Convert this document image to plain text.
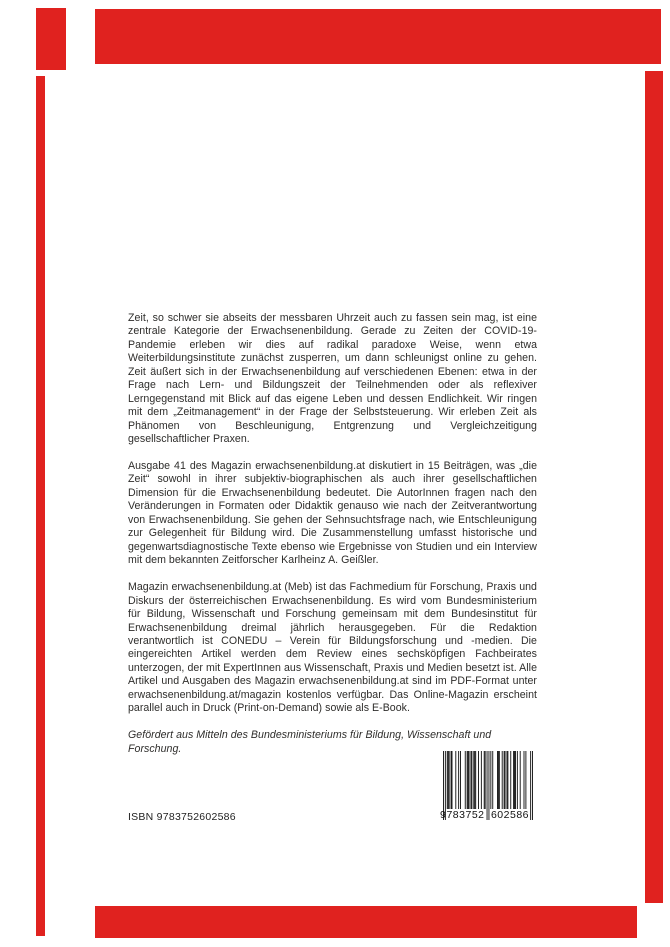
Zeit, so schwer sie abseits der messbaren Uhrzeit auch zu fassen sein mag, ist eine zentrale Kategorie der Erwachsenenbildung. Gerade zu Zeiten der COVID-19-Pandemie erleben wir dies auf radikal paradoxe Weise, wenn etwa Weiterbildungsinstitute zunächst zusperren, um dann schleunigst online zu gehen. Zeit äußert sich in der Erwachsenenbildung auf verschiedenen Ebenen: etwa in der Frage nach Lern- und Bildungszeit der Teilnehmenden oder als reflexiver Lerngegenstand mit Blick auf das eigene Leben und dessen Endlichkeit. Wir ringen mit dem „Zeitmanagement“ in der Frage der Selbststeuerung. Wir erleben Zeit als Phänomen von Beschleunigung, Entgrenzung und Vergleichzeitigung gesellschaftlicher Praxen.

Ausgabe 41 des Magazin erwachsenenbildung.at diskutiert in 15 Beiträgen, was „die Zeit“ sowohl in ihrer subjektiv-biographischen als auch ihrer gesellschaftlichen Dimension für die Erwachsenenbildung bedeutet. Die AutorInnen fragen nach den Veränderungen in Formaten oder Didaktik genauso wie nach der Zeitverantwortung von Erwachsenenbildung. Sie gehen der Sehnsuchtsfrage nach, wie Entschleunigung zur Gelegenheit für Bildung wird. Die Zusammenstellung umfasst historische und gegenwartsdiagnostische Texte ebenso wie Ergebnisse von Studien und ein Interview mit dem bekannten Zeitforscher Karlheinz A. Geißler.

Magazin erwachsenenbildung.at (Meb) ist das Fachmedium für Forschung, Praxis und Diskurs der österreichischen Erwachsenenbildung. Es wird vom Bundesministerium für Bildung, Wissenschaft und Forschung gemeinsam mit dem Bundesinstitut für Erwachsenenbildung dreimal jährlich herausgegeben. Für die Redaktion verantwortlich ist CONEDU – Verein für Bildungsforschung und -medien. Die eingereichten Artikel werden dem Review eines sechsköpfigen Fachbeirates unterzogen, der mit ExpertInnen aus Wissenschaft, Praxis und Medien besetzt ist. Alle Artikel und Ausgaben des Magazin erwachsenenbildung.at sind im PDF-Format unter erwachsenenbildung.at/magazin kostenlos verfügbar. Das Online-Magazin erscheint parallel auch in Druck (Print-on-Demand) sowie als E-Book.

Gefördert aus Mitteln des Bundesministeriums für Bildung, Wissenschaft und Forschung.

ISBN 9783752602586	9 783752 602586
